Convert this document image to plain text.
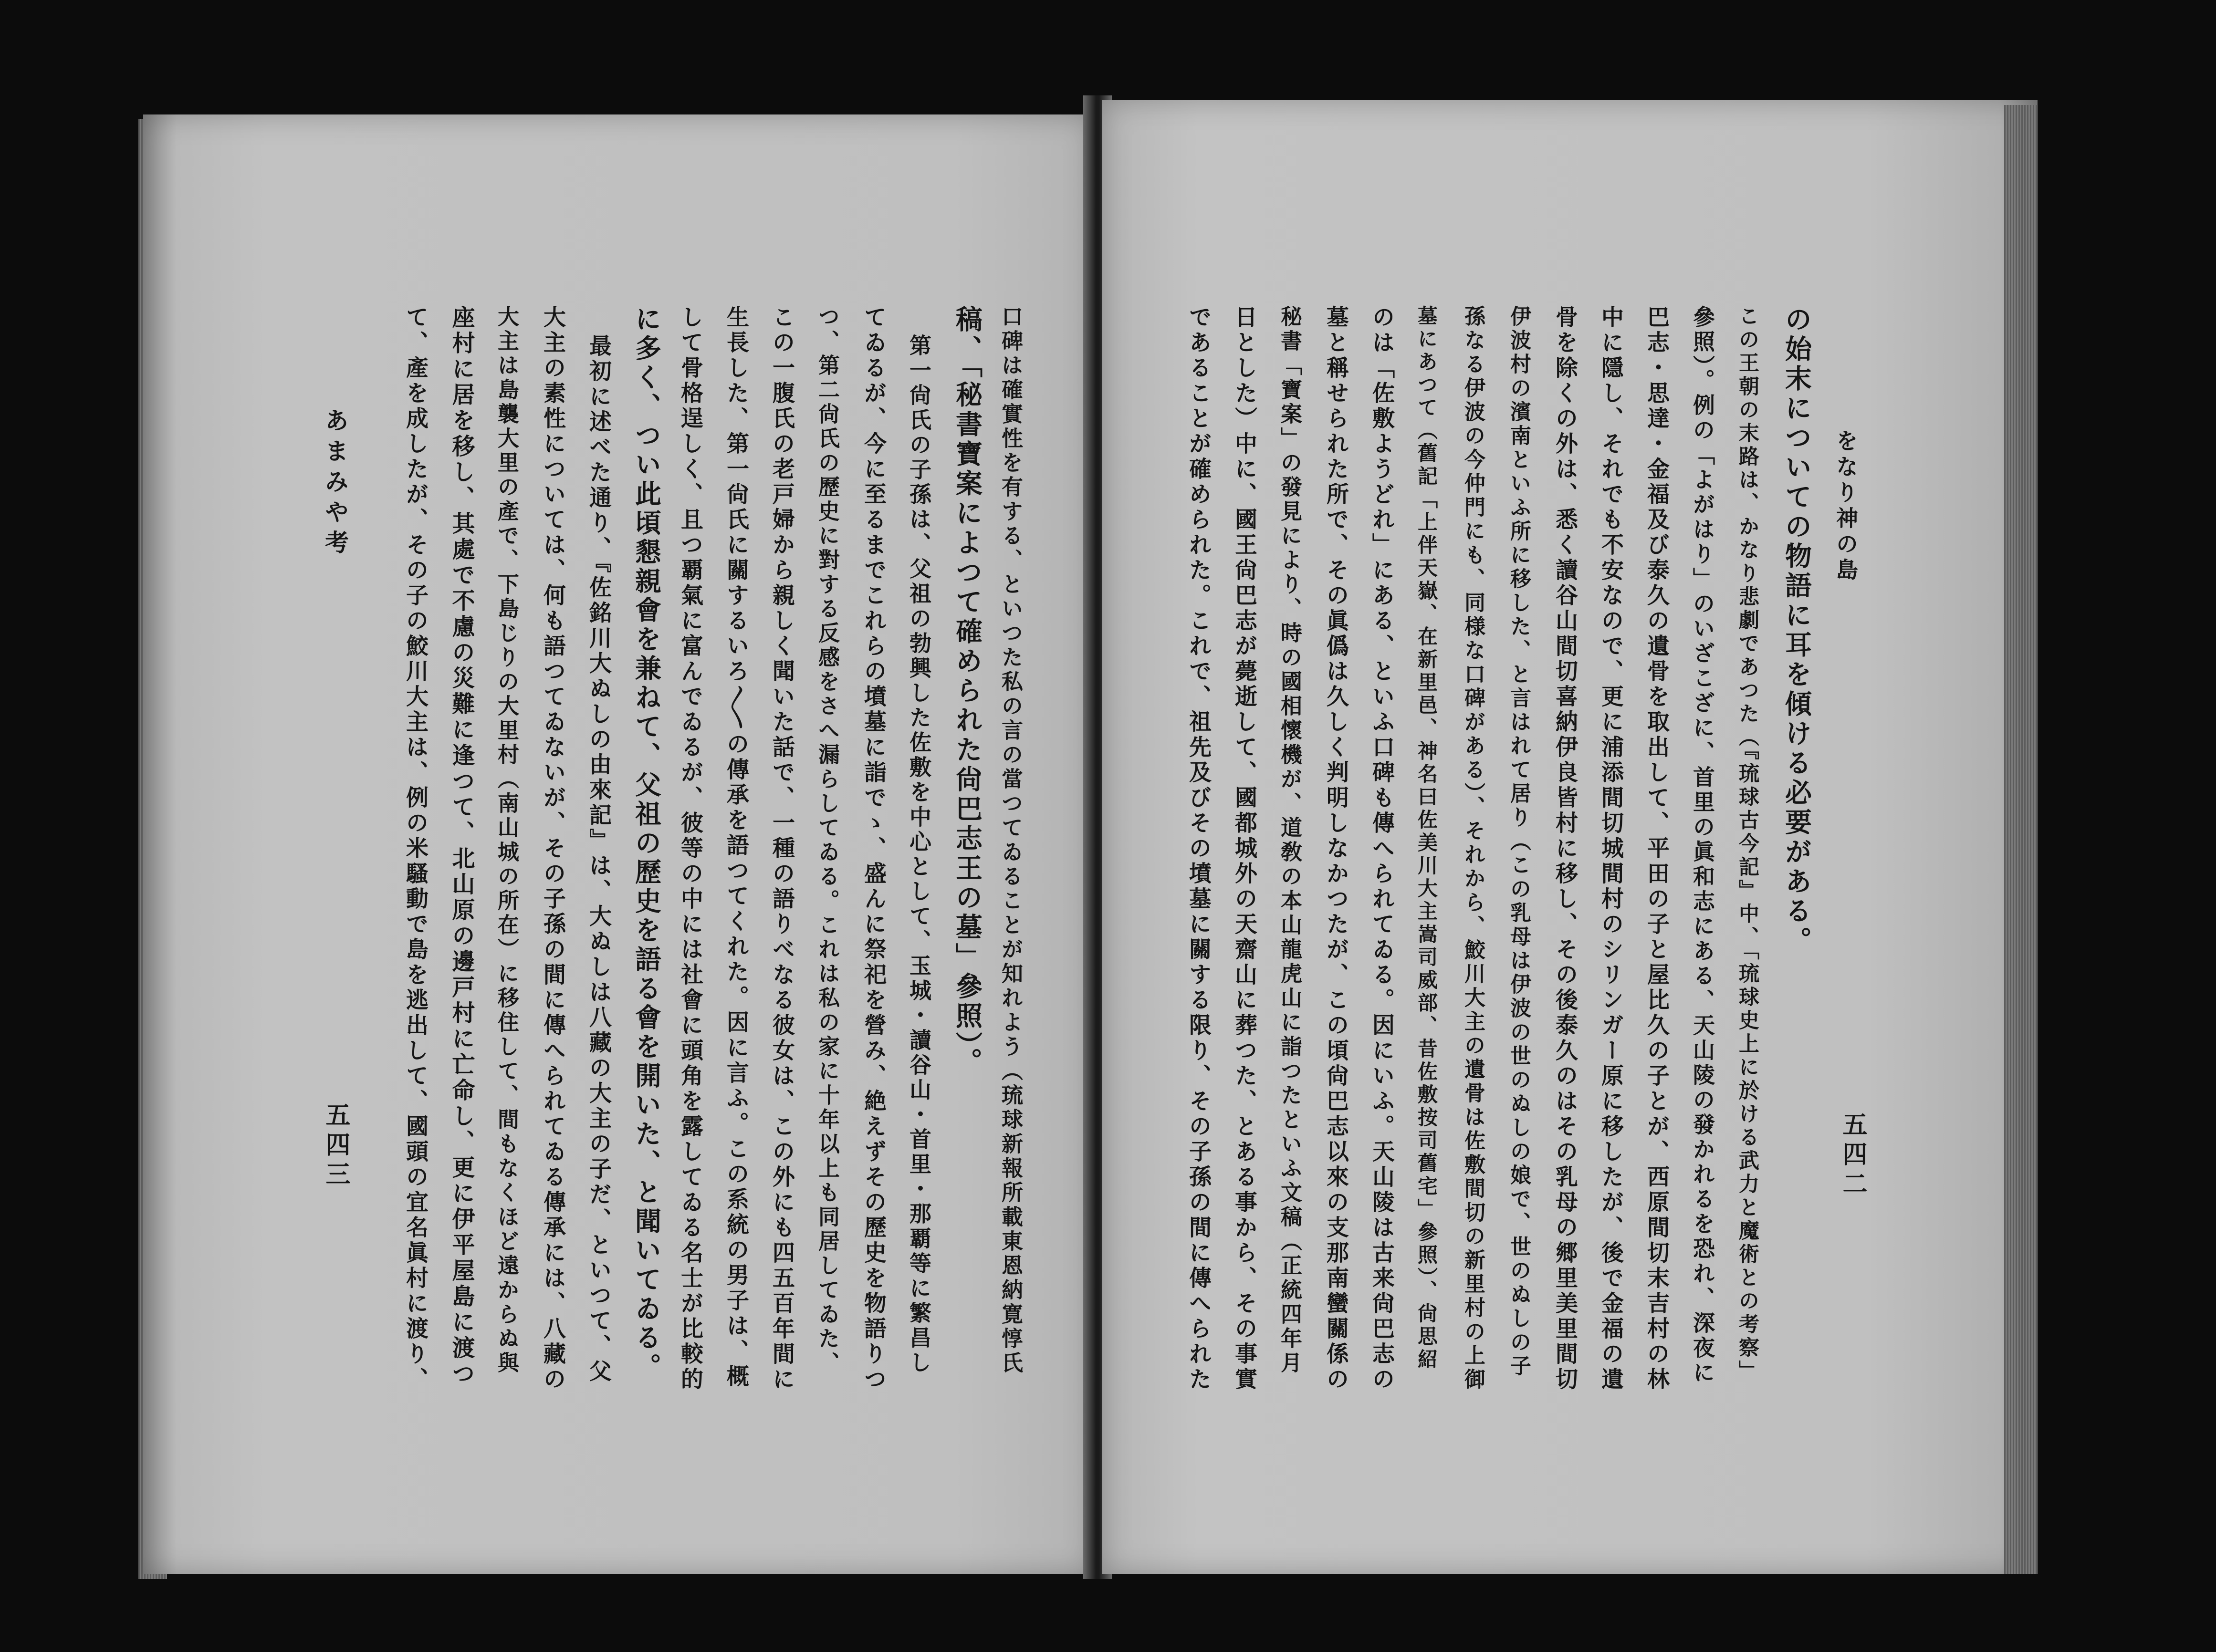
の始末についての物語に耳を傾ける必要がある。
この王朝の末路は、かなり悲劇であつた（『琉球古今記』中、「琉球史上に於ける武力と魔術との考察」
參照）。例の「よがはり」のいざこざに、首里の眞和志にある、天山陵の發かれるを恐れ、深夜に
巴志・思達・金福及び泰久の遺骨を取出して、平田の子と屋比久の子とが、西原間切末吉村の林
中に隱し、それでも不安なので、更に浦添間切城間村のシリンガー原に移したが、後で金福の遺
骨を除くの外は、悉く讀谷山間切喜納伊良皆村に移し、その後泰久のはその乳母の郷里美里間切
伊波村の濱南といふ所に移した、と言はれて居り（この乳母は伊波の世のぬしの娘で、世のぬしの子
孫なる伊波の今仲門にも、同様な口碑がある）、それから、鮫川大主の遺骨は佐敷間切の新里村の上御
墓にあつて（舊記「上伴天嶽、在新里邑、神名曰佐美川大主嵩司威部、昔佐敷按司舊宅」參照）、尙思紹
のは「佐敷ようどれ」にある、といふ口碑も傳へられてゐる。因にいふ。天山陵は古来尙巴志の
墓と稱せられた所で、その眞僞は久しく判明しなかつたが、この頃尙巴志以來の支那南蠻關係の
秘書「寶案」の發見により、時の國相懷機が、道敎の本山龍虎山に詣つたといふ文稿（正統四年月
日とした）中に、國王尙巴志が薨逝して、國都城外の天齋山に葬つた、とある事から、その事實
であることが確められた。これで、祖先及びその墳墓に關する限り、その子孫の間に傳へられた	をなり神の島
五四二
口碑は確實性を有する、といつた私の言の當つてゐることが知れよう（琉球新報所載東恩納寛惇氏
稿、「秘書寶案によつて確められた尙巴志王の墓」參照）。
第一尙氏の子孫は、父祖の勃興した佐敷を中心として、玉城・讀谷山・首里・那覇等に繁昌し
てゐるが、今に至るまでこれらの墳墓に詣でゝ、盛んに祭祀を營み、絶えずその歷史を物語りつ
つ、第二尙氏の歷史に對する反感をさへ漏らしてゐる。これは私の家に十年以上も同居してゐた、
この一腹氏の老戸婦から親しく聞いた話で、一種の語りべなる彼女は、この外にも四五百年間に
生長した、第一尙氏に關するいろ〳〵の傳承を語つてくれた。因に言ふ。この系統の男子は、概
して骨格逞しく、且つ覇氣に富んでゐるが、彼等の中には社會に頭角を露してゐる名士が比較的
に多く、つい此頃懇親會を兼ねて、父祖の歷史を語る會を開いた、と聞いてゐる。
最初に述べた通り、『佐銘川大ぬしの由來記』は、大ぬしは八藏の大主の子だ、といつて、父
大主の素性については、何も語つてゐないが、その子孫の間に傳へられてゐる傳承には、八藏の
大主は島襲大里の產で、下島じりの大里村（南山城の所在）に移住して、間もなくほど遠からぬ與
座村に居を移し、其處で不慮の災難に逢つて、北山原の邊戸村に亡命し、更に伊平屋島に渡つ
て、產を成したが、その子の鮫川大主は、例の米騷動で島を逃出して、國頭の宜名眞村に渡り、
あまみや考
五四三
